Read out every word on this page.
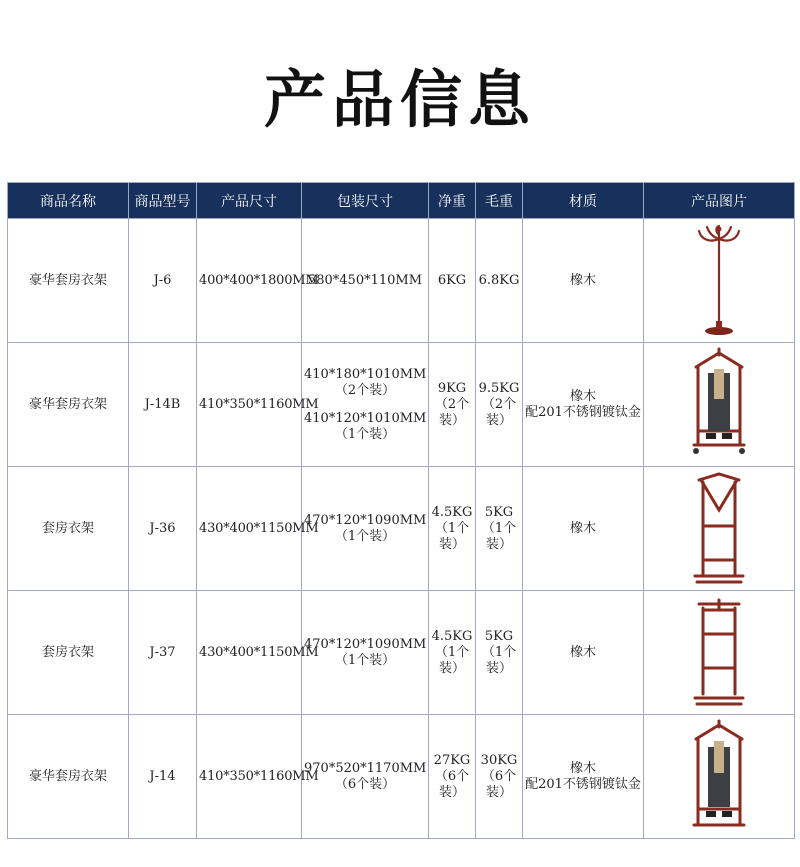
产品信息
商品名称	商品型号	产品尺寸	包装尺寸	净重	毛重	材质	产品图片
豪华套房衣架	J-6	400*400*1800MM	580*450*110MM	6KG	6.8KG	橡木

豪华套房衣架	J-14B	410*350*1160MM	410*180*1010MM
（2个装）
410*120*1010MM
（1个装）	9KG（2个装）	9.5KG（2个装）	橡木
配201不锈钢镀钛金

套房衣架	J-36	430*400*1150MM	470*120*1090MM
（1个装）	4.5KG（1个装）	5KG（1个装）	橡木

套房衣架	J-37	430*400*1150MM	470*120*1090MM
（1个装）	4.5KG（1个装）	5KG（1个装）	橡木

豪华套房衣架	J-14	410*350*1160MM	970*520*1170MM
（6个装）	27KG（6个装）	30KG（6个装）	橡木
配201不锈钢镀钛金
